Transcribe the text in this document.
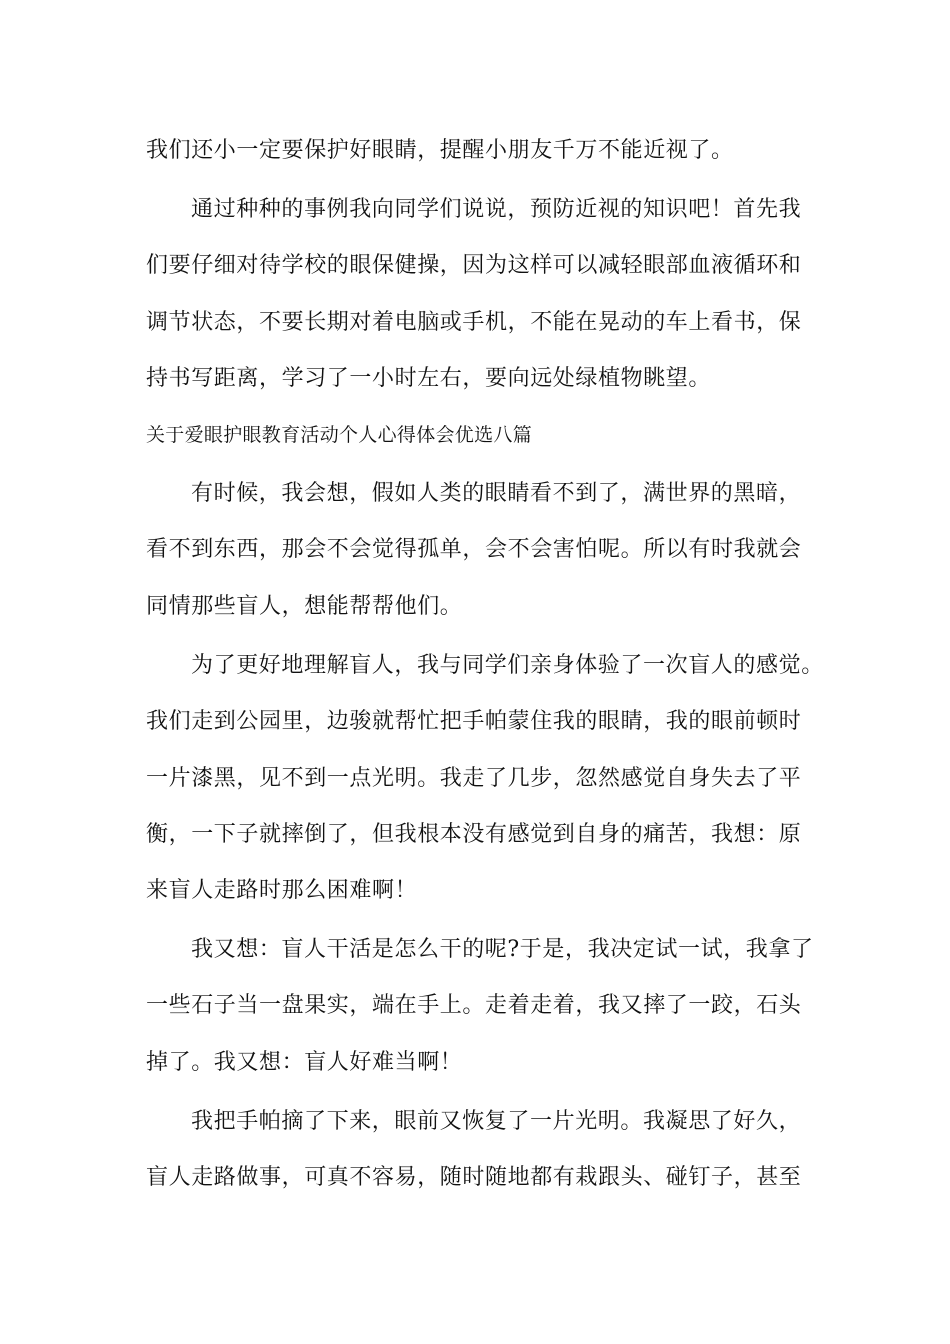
我们还小一定要保护好眼睛，提醒小朋友千万不能近视了。

通过种种的事例我向同学们说说，预防近视的知识吧！首先我

们要仔细对待学校的眼保健操，因为这样可以减轻眼部血液循环和

调节状态，不要长期对着电脑或手机，不能在晃动的车上看书，保

持书写距离，学习了一小时左右，要向远处绿植物眺望。

关于爱眼护眼教育活动个人心得体会优选八篇

有时候，我会想，假如人类的眼睛看不到了，满世界的黑暗，

看不到东西，那会不会觉得孤单，会不会害怕呢。所以有时我就会

同情那些盲人，想能帮帮他们。

为了更好地理解盲人，我与同学们亲身体验了一次盲人的感觉。

我们走到公园里，边骏就帮忙把手帕蒙住我的眼睛，我的眼前顿时

一片漆黑，见不到一点光明。我走了几步，忽然感觉自身失去了平

衡，一下子就摔倒了，但我根本没有感觉到自身的痛苦，我想：原

来盲人走路时那么困难啊！

我又想：盲人干活是怎么干的呢?于是，我决定试一试，我拿了

一些石子当一盘果实，端在手上。走着走着，我又摔了一跤，石头

掉了。我又想：盲人好难当啊！

我把手帕摘了下来，眼前又恢复了一片光明。我凝思了好久，

盲人走路做事，可真不容易，随时随地都有栽跟头、碰钉子，甚至
